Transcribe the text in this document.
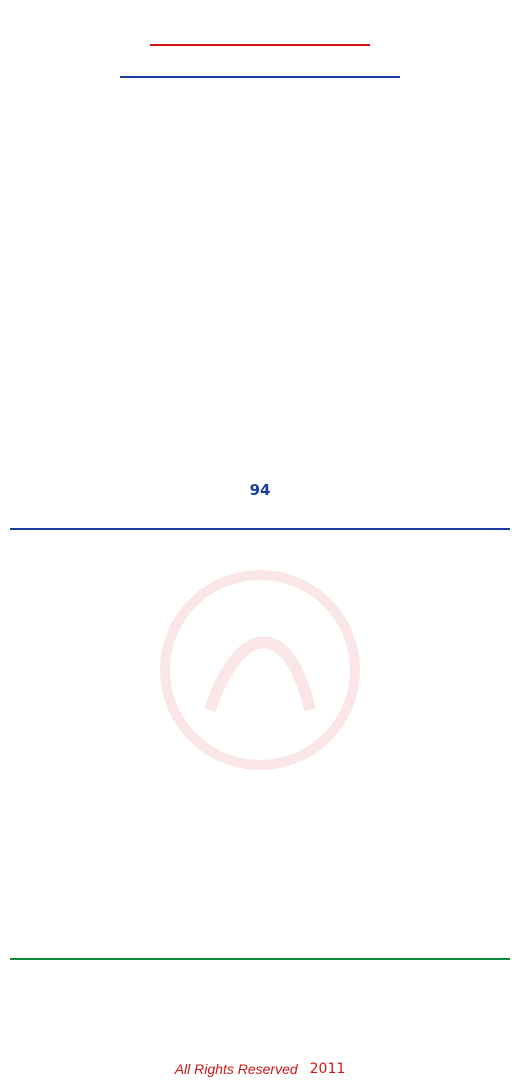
94
All Rights Reserved 2011
